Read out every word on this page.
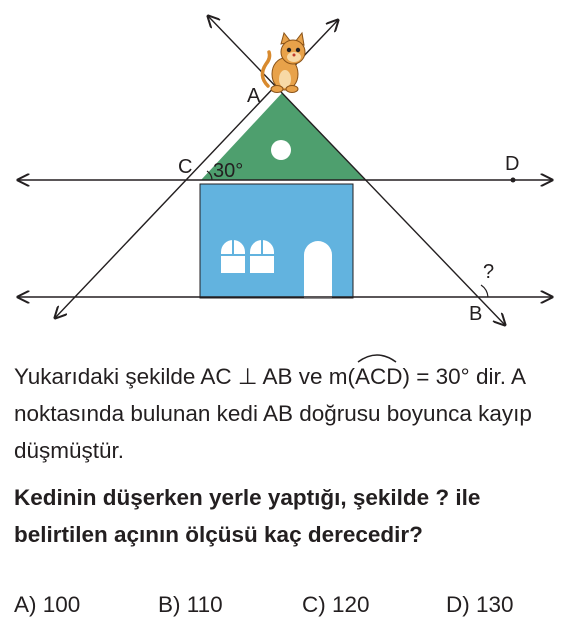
A
C	D
B
30°
?

Yukarıdaki şekilde AC ⊥ AB ve m(
ACD) = 30° dir. A noktasında bulunan kedi AB doğrusu boyunca kayıp düşmüştür.

Kedinin düşerken yerle yaptığı, şekilde ? ile belirtilen açının ölçüsü kaç derecedir?

A) 100	B) 110	C) 120	D) 130
